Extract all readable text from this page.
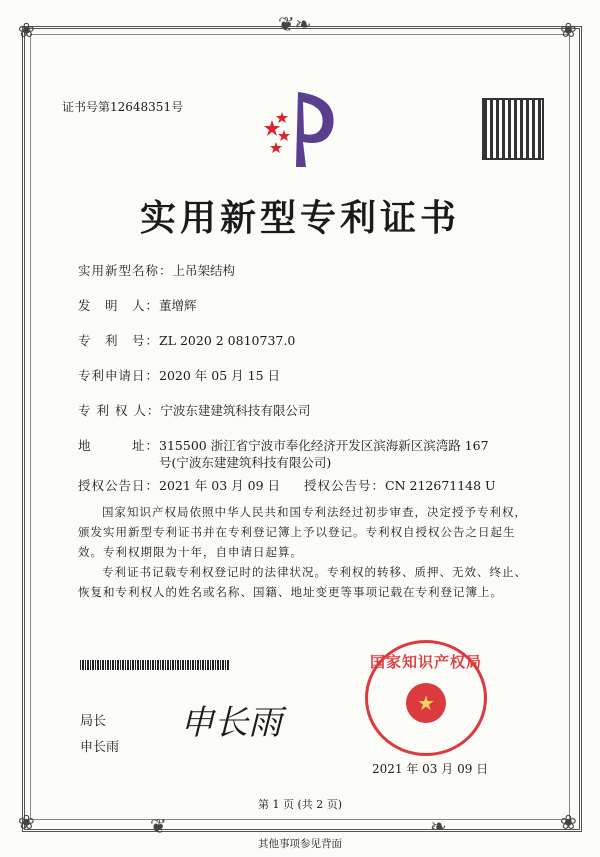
❦❧
❦	❧
❀	❀
❀	❀
证书号第12648351号
实用新型专利证书
实用新型名称： 上吊架结构
发　明　人： 董增辉
专　利　号： ZL 2020 2 0810737.0
专利申请日： 2020 年 05 月 15 日
专 利 权 人： 宁波东建建筑科技有限公司
地　　　址： 315500 浙江省宁波市奉化经济开发区滨海新区滨湾路 167
号(宁波东建建筑科技有限公司)
授权公告日：2021 年 03 月 09 日 授权公告号：CN 212671148 U
国家知识产权局依照中华人民共和国专利法经过初步审查，决定授予专利权，颁发实用新型专利证书并在专利登记簿上予以登记。专利权自授权公告之日起生效。专利权期限为十年，自申请日起算。
专利证书记载专利权登记时的法律状况。专利权的转移、质押、无效、终止、恢复和专利权人的姓名或名称、国籍、地址变更等事项记载在专利登记簿上。
局长
申长雨
申长雨
国家知识产权局
★
2021 年 03 月 09 日
第 1 页 (共 2 页)
其他事项参见背面
